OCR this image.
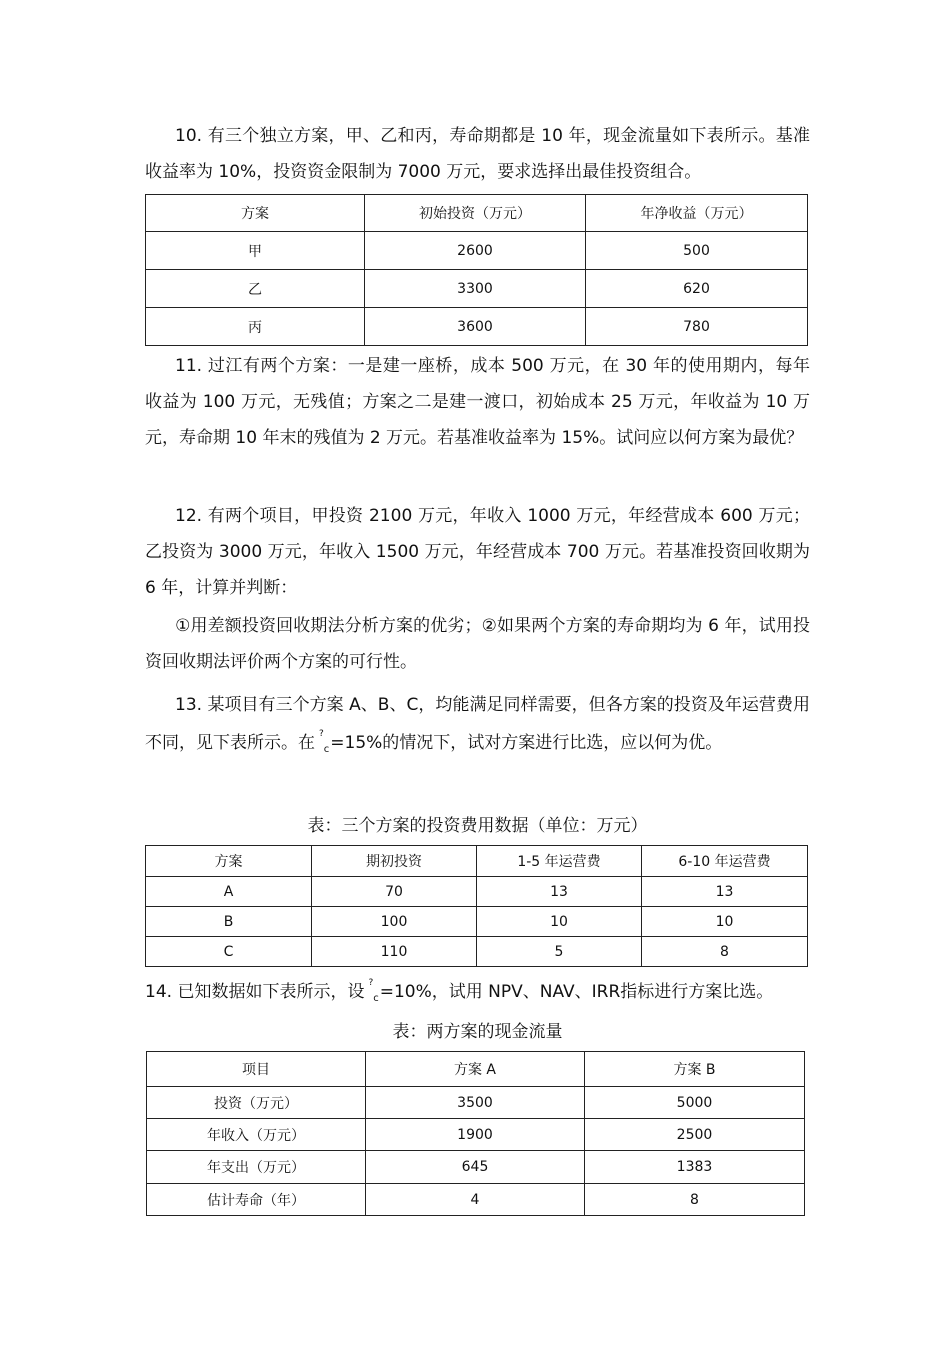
10. 有三个独立方案，甲、乙和丙，寿命期都是 10 年，现金流量如下表所示。基准收益率为 10%，投资资金限制为 7000 万元，要求选择出最佳投资组合。

方案	初始投资（万元）	年净收益（万元）
甲	2600	500
乙	3300	620
丙	3600	780

11. 过江有两个方案：一是建一座桥，成本 500 万元，在 30 年的使用期内，每年收益为 100 万元，无残值；方案之二是建一渡口，初始成本 25 万元，年收益为 10 万元，寿命期 10 年末的残值为 2 万元。若基准收益率为 15%。试问应以何方案为最优？

12. 有两个项目，甲投资 2100 万元，年收入 1000 万元，年经营成本 600 万元；乙投资为 3000 万元，年收入 1500 万元，年经营成本 700 万元。若基准投资回收期为 6 年，计算并判断：

①用差额投资回收期法分析方案的优劣；②如果两个方案的寿命期均为 6 年，试用投资回收期法评价两个方案的可行性。

13. 某项目有三个方案 A、B、C，均能满足同样需要，但各方案的投资及年运营费用不同，见下表所示。在 ?$_c$=15%的情况下，试对方案进行比选，应以何为优。

表：三个方案的投资费用数据（单位：万元）

方案	期初投资	1-5 年运营费	6-10 年运营费
A	70	13	13
B	100	10	10
C	110	5	8

14. 已知数据如下表所示，设 ?$_c$=10%，试用 NPV、NAV、IRR指标进行方案比选。

表：两方案的现金流量

项目	方案 A	方案 B
投资（万元）	3500	5000
年收入（万元）	1900	2500
年支出（万元）	645	1383
估计寿命（年）	4	8
